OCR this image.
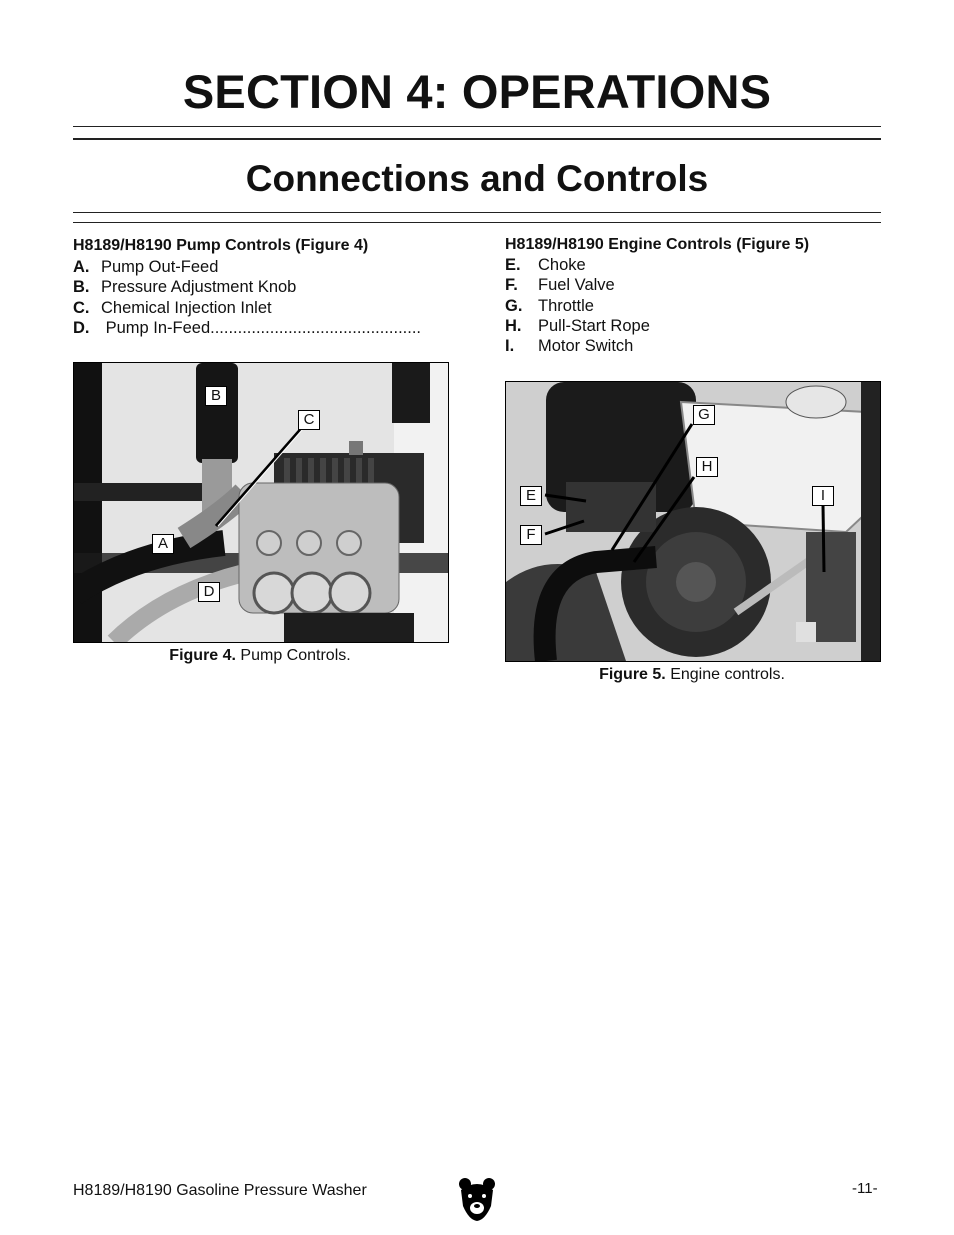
SECTION 4: OPERATIONS
Connections and Controls

H8189/H8190 Pump Controls (Figure 4)

A. Pump Out-Feed
B. Pressure Adjustment Knob
C. Chemical Injection Inlet
D. Pump In-Feed..............................................

H8189/H8190 Engine Controls (Figure 5)

E. Choke
F. Fuel Valve
G. Throttle
H. Pull-Start Rope
I. Motor Switch
B
C
A
D
Figure 4. Pump Controls.
G
H
E
F
I
Figure 5. Engine controls.
H8189/H8190 Gasoline Pressure Washer	-11-
